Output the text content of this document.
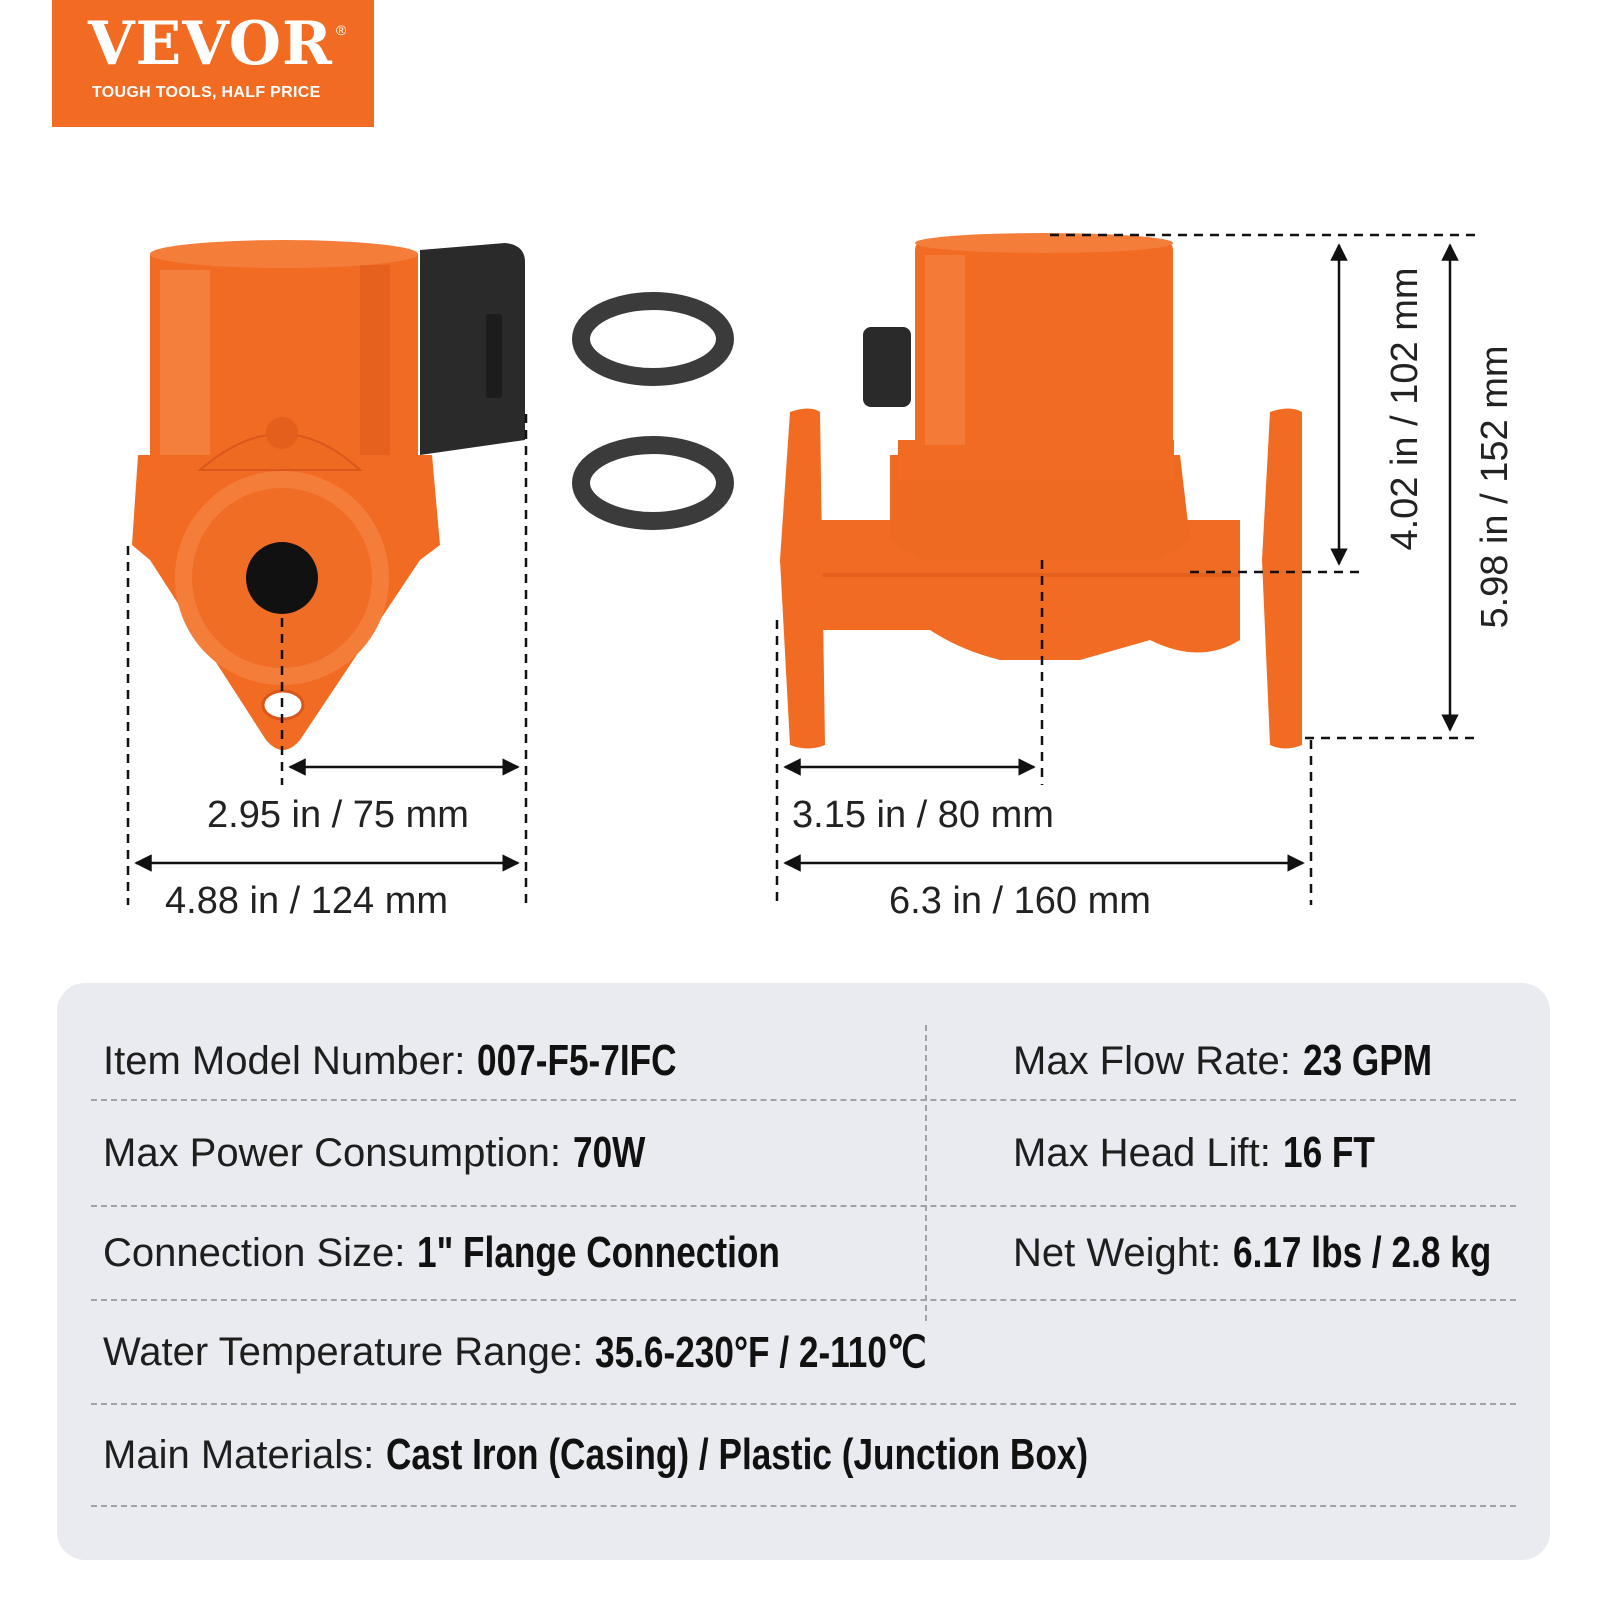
VEVOR ®
TOUGH TOOLS, HALF PRICE
2.95 in / 75 mm
4.88 in / 124 mm
3.15 in / 80 mm
6.3 in / 160 mm
4.02 in / 102 mm 5.98 in / 152 mm
Item Model Number: 007-F5-7IFC	Max Flow Rate: 23 GPM
Max Power Consumption: 70W	Max Head Lift: 16 FT
Connection Size: 1" Flange Connection	Net Weight: 6.17 lbs / 2.8 kg
Water Temperature Range: 35.6-230°F / 2-110℃
Main Materials: Cast Iron (Casing) / Plastic (Junction Box)
